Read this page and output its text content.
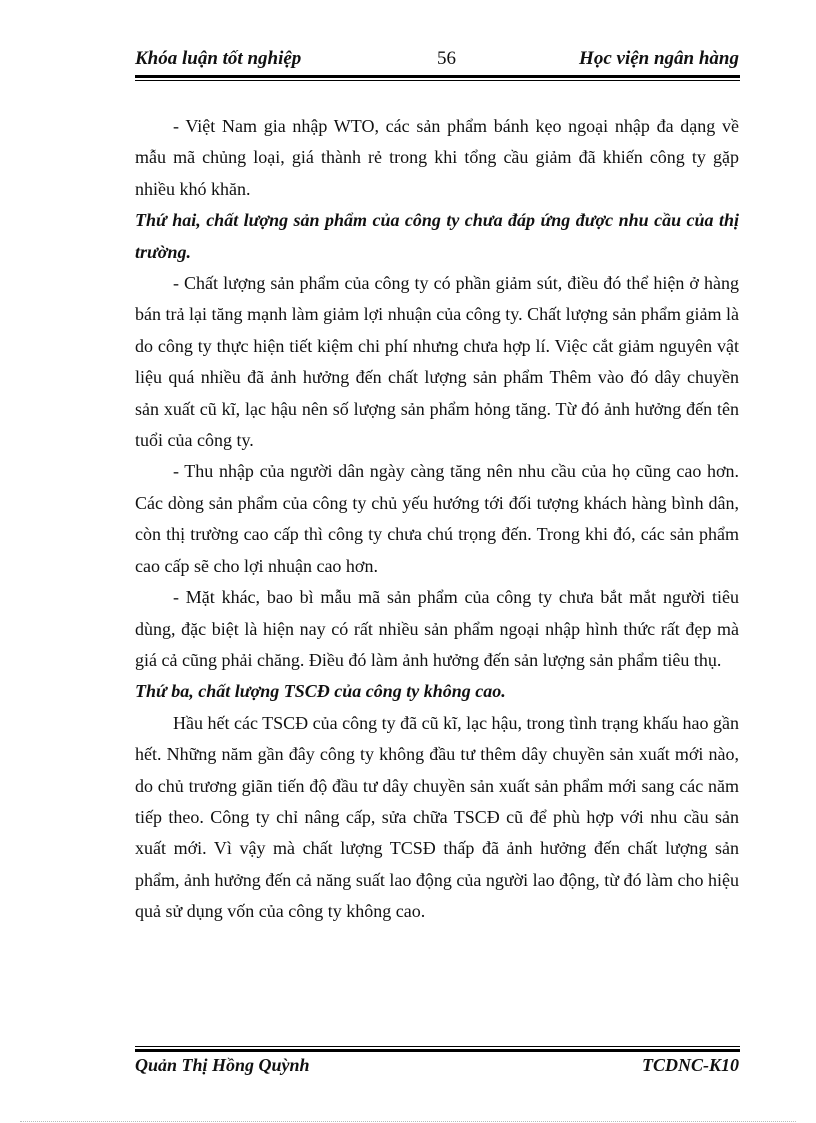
Khóa luận tốt nghiệp	56	Học viện ngân hàng

- Việt Nam gia nhập WTO, các sản phẩm bánh kẹo ngoại nhập đa dạng về mẫu mã chủng loại, giá thành rẻ trong khi tổng cầu giảm đã khiến công ty gặp nhiều khó khăn.

Thứ hai, chất lượng sản phẩm của công ty chưa đáp ứng được nhu cầu của thị trường.

- Chất lượng sản phẩm của công ty có phần giảm sút, điều đó thể hiện ở hàng bán trả lại tăng mạnh làm giảm lợi nhuận của công ty. Chất lượng sản phẩm giảm là do công ty thực hiện tiết kiệm chi phí nhưng chưa hợp lí. Việc cắt giảm nguyên vật liệu quá nhiều đã ảnh hưởng đến chất lượng sản phẩm Thêm vào đó dây chuyền sản xuất cũ kĩ, lạc hậu nên số lượng sản phẩm hỏng tăng. Từ đó ảnh hưởng đến tên tuổi của công ty.

- Thu nhập của người dân ngày càng tăng nên nhu cầu của họ cũng cao hơn. Các dòng sản phẩm của công ty chủ yếu hướng tới đối tượng khách hàng bình dân, còn thị trường cao cấp thì công ty chưa chú trọng đến. Trong khi đó, các sản phẩm cao cấp sẽ cho lợi nhuận cao hơn.

- Mặt khác, bao bì mẫu mã sản phẩm của công ty chưa bắt mắt người tiêu dùng, đặc biệt là hiện nay có rất nhiều sản phẩm ngoại nhập hình thức rất đẹp mà giá cả cũng phải chăng. Điều đó làm ảnh hưởng đến sản lượng sản phẩm tiêu thụ.

Thứ ba, chất lượng TSCĐ của công ty không cao.

Hầu hết các TSCĐ của công ty đã cũ kĩ, lạc hậu, trong tình trạng khấu hao gần hết. Những năm gần đây công ty không đầu tư thêm dây chuyền sản xuất mới nào, do chủ trương giãn tiến độ đầu tư dây chuyền sản xuất sản phẩm mới sang các năm tiếp theo. Công ty chỉ nâng cấp, sửa chữa TSCĐ cũ để phù hợp với nhu cầu sản xuất mới. Vì vậy mà chất lượng TCSĐ thấp đã ảnh hưởng đến chất lượng sản phẩm, ảnh hưởng đến cả năng suất lao động của người lao động, từ đó làm cho hiệu quả sử dụng vốn của công ty không cao.

Quản Thị Hồng Quỳnh	TCDNC-K10
